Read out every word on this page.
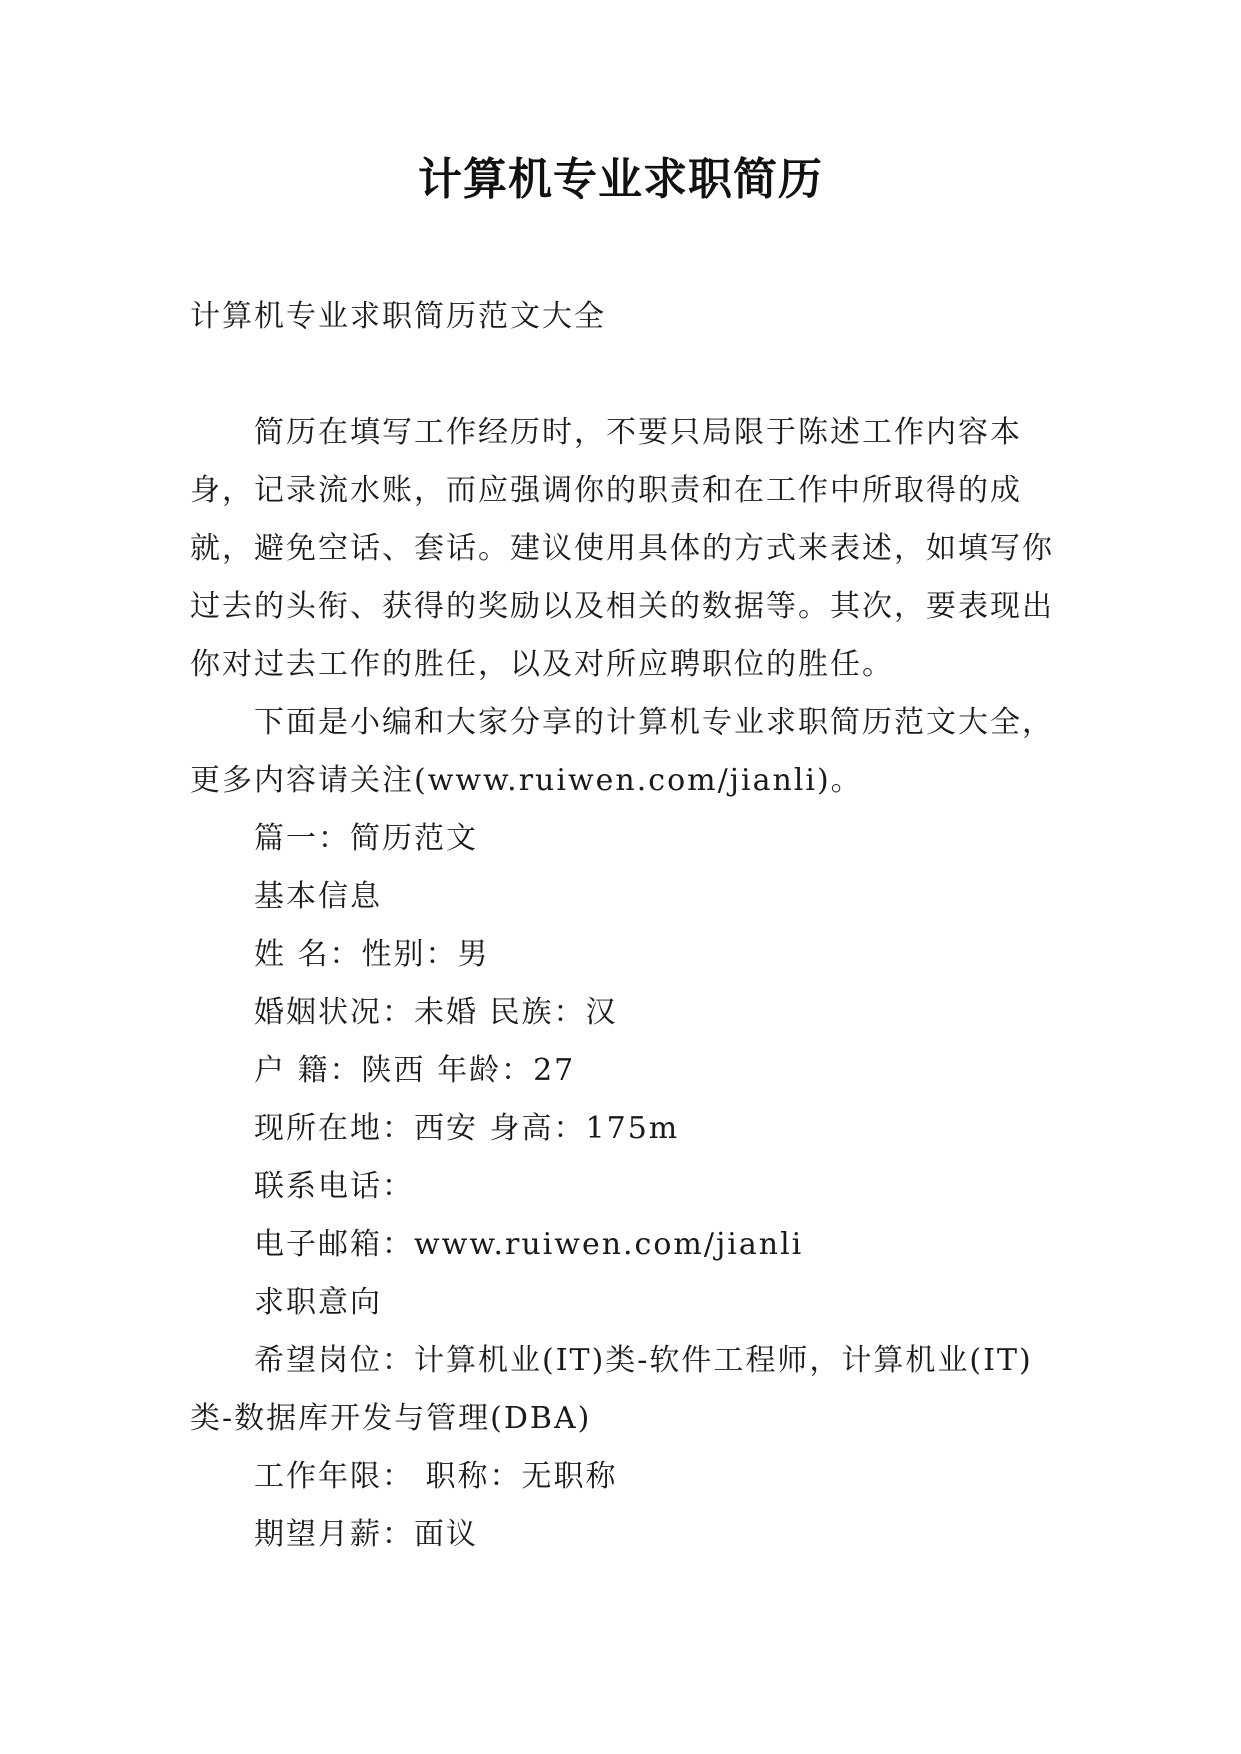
计算机专业求职简历

计算机专业求职简历范文大全

简历在填写工作经历时，不要只局限于陈述工作内容本身，记录流水账，而应强调你的职责和在工作中所取得的成就，避免空话、套话。建议使用具体的方式来表述，如填写你过去的头衔、获得的奖励以及相关的数据等。其次，要表现出你对过去工作的胜任，以及对所应聘职位的胜任。

下面是小编和大家分享的计算机专业求职简历范文大全，更多内容请关注(www.ruiwen.com/jianli)。

篇一：简历范文

基本信息

姓 名：性别：男

婚姻状况：未婚 民族：汉

户 籍：陕西 年龄：27

现所在地：西安 身高：175m

联系电话：

电子邮箱：www.ruiwen.com/jianli

求职意向

希望岗位：计算机业(IT)类-软件工程师，计算机业(IT)类-数据库开发与管理(DBA)

工作年限： 职称：无职称

期望月薪：面议
